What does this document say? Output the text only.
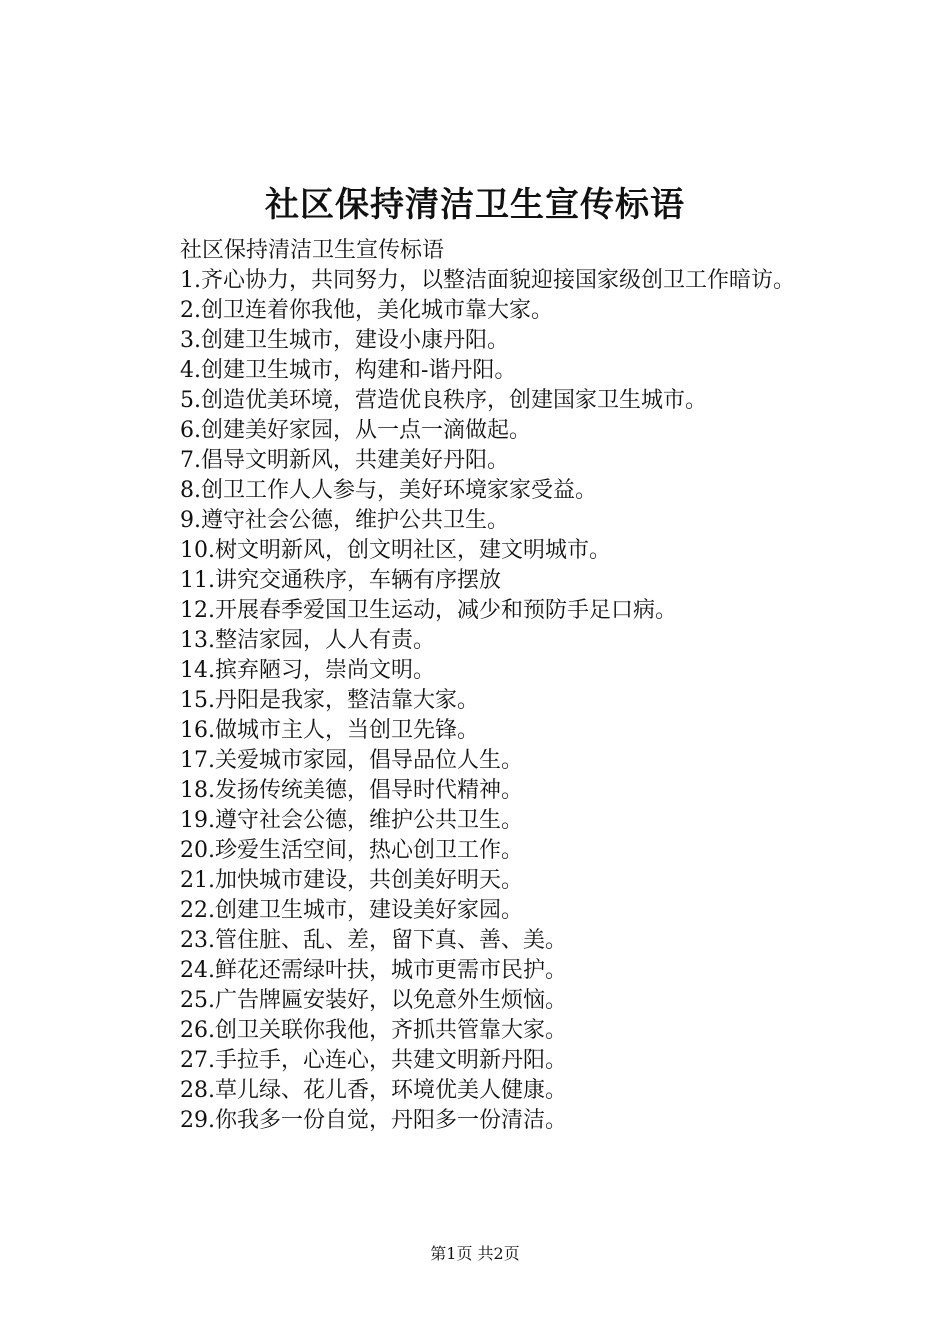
社区保持清洁卫生宣传标语

社区保持清洁卫生宣传标语

1.齐心协力，共同努力，以整洁面貌迎接国家级创卫工作暗访。

2.创卫连着你我他，美化城市靠大家。

3.创建卫生城市，建设小康丹阳。

4.创建卫生城市，构建和-谐丹阳。

5.创造优美环境，营造优良秩序，创建国家卫生城市。

6.创建美好家园，从一点一滴做起。

7.倡导文明新风，共建美好丹阳。

8.创卫工作人人参与，美好环境家家受益。

9.遵守社会公德，维护公共卫生。

10.树文明新风，创文明社区，建文明城市。

11.讲究交通秩序，车辆有序摆放

12.开展春季爱国卫生运动，减少和预防手足口病。

13.整洁家园，人人有责。

14.摈弃陋习，崇尚文明。

15.丹阳是我家，整洁靠大家。

16.做城市主人，当创卫先锋。

17.关爱城市家园，倡导品位人生。

18.发扬传统美德，倡导时代精神。

19.遵守社会公德，维护公共卫生。

20.珍爱生活空间，热心创卫工作。

21.加快城市建设，共创美好明天。

22.创建卫生城市，建设美好家园。

23.管住脏、乱、差，留下真、善、美。

24.鲜花还需绿叶扶，城市更需市民护。

25.广告牌匾安装好，以免意外生烦恼。

26.创卫关联你我他，齐抓共管靠大家。

27.手拉手，心连心，共建文明新丹阳。

28.草儿绿、花儿香，环境优美人健康。

29.你我多一份自觉，丹阳多一份清洁。

第1页 共2页
